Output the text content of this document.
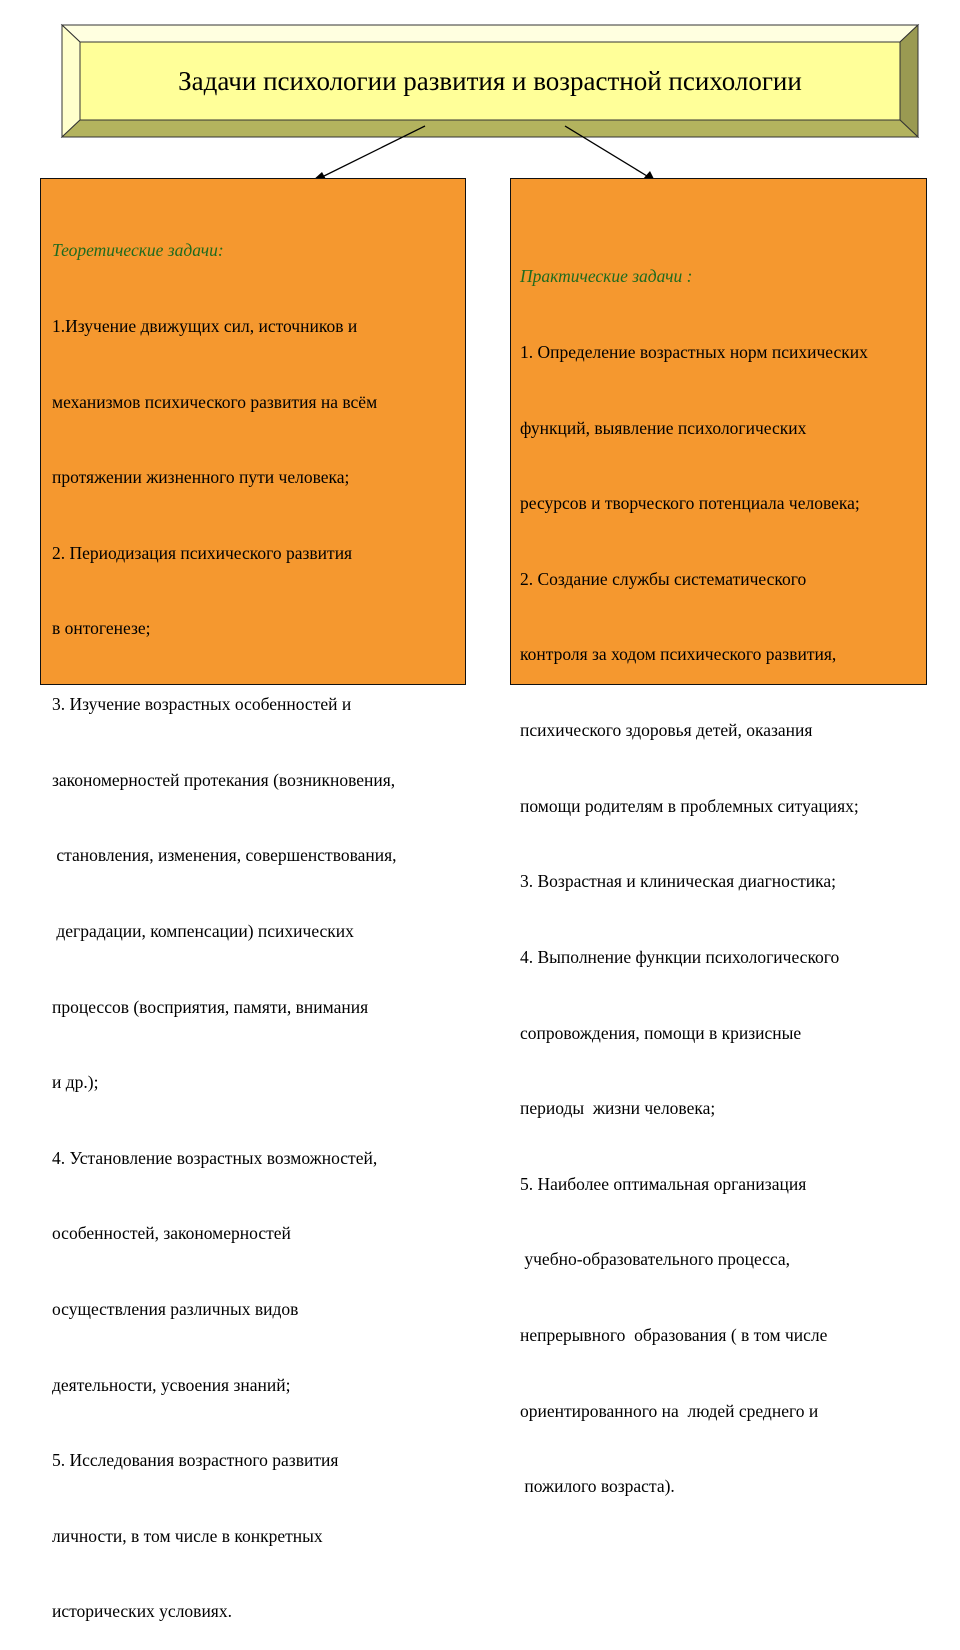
Задачи психологии развития и возрастной психологии

Теоретические задачи:

1.Изучение движущих сил, источников и

механизмов психического развития на всём

протяжении жизненного пути человека;

2. Периодизация психического развития

в онтогенезе;

3. Изучение возрастных особенностей и

закономерностей протекания (возникновения,

становления, изменения, совершенствования,

деградации, компенсации) психических

процессов (восприятия, памяти, внимания

и др.);

4. Установление возрастных возможностей,

особенностей, закономерностей

осуществления различных видов

деятельности, усвоения знаний;

5. Исследования возрастного развития

личности, в том числе в конкретных

исторических условиях.

Практические задачи :

1. Определение возрастных норм психических

функций, выявление психологических

ресурсов и творческого потенциала человека;

2. Создание службы систематического

контроля за ходом психического развития,

психического здоровья детей, оказания

помощи родителям в проблемных ситуациях;

3. Возрастная и клиническая диагностика;

4. Выполнение функции психологического

сопровождения, помощи в кризисные

периоды  жизни человека;

5. Наиболее оптимальная организация

учебно-образовательного процесса,

непрерывного  образования ( в том числе

ориентированного на  людей среднего и

пожилого возраста).
